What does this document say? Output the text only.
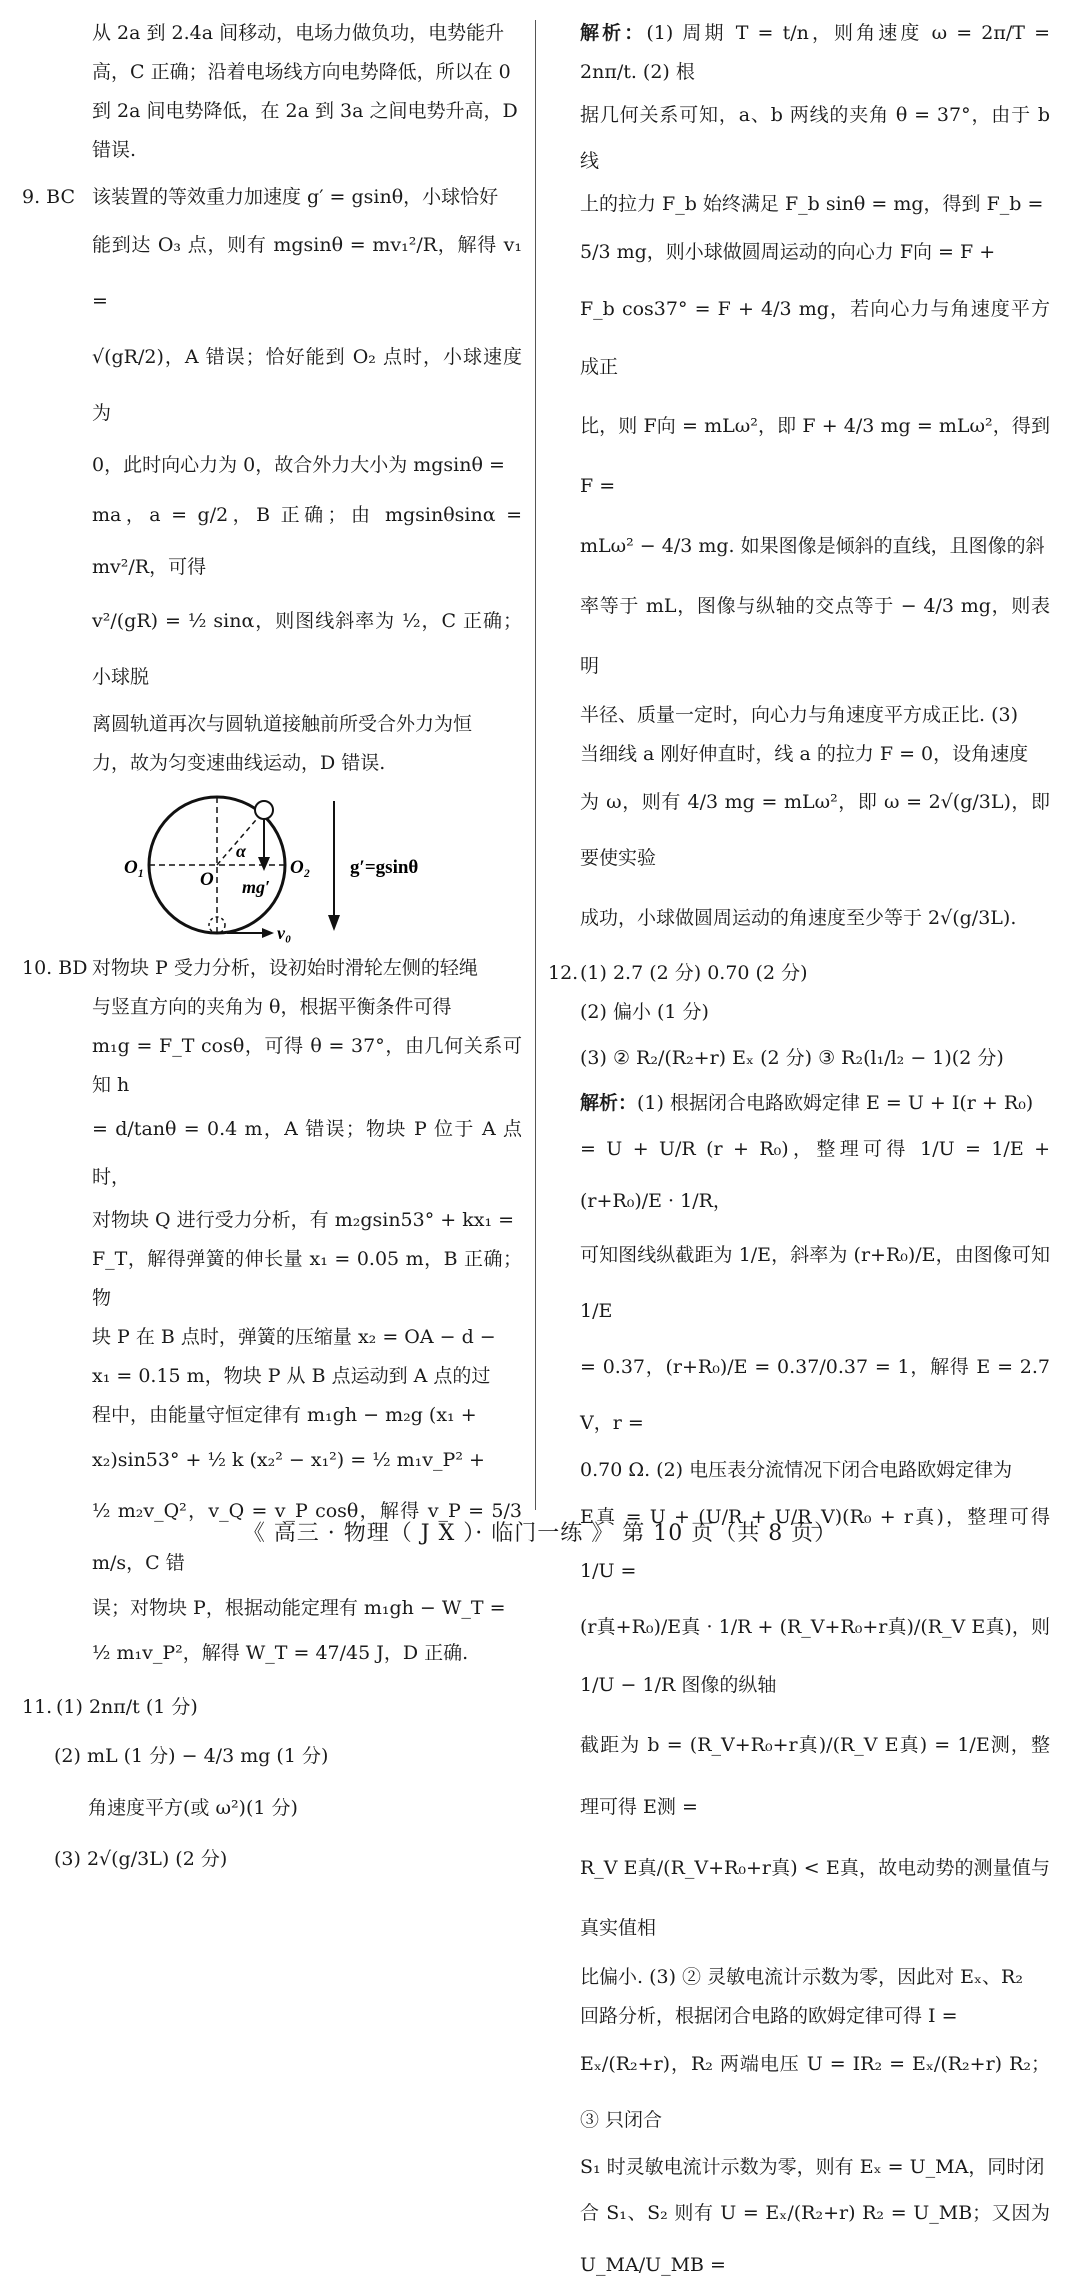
从 2a 到 2.4a 间移动，电场力做负功，电势能升

高，C 正确；沿着电场线方向电势降低，所以在 0

到 2a 间电势降低，在 2a 到 3a 之间电势升高，D

错误.

9. BC 该装置的等效重力加速度 g′ = gsinθ，小球恰好

能到达 O₃ 点，则有 mgsinθ = mv₁²/R，解得 v₁ =

√(gR/2)，A 错误；恰好能到 O₂ 点时，小球速度为

0，此时向心力为 0，故合外力大小为 mgsinθ =

ma，a = g/2，B 正确；由 mgsinθsinα = mv²/R，可得

v²/(gR) = ½ sinα，则图线斜率为 ½，C 正确；小球脱

离圆轨道再次与圆轨道接触前所受合外力为恒

力，故为匀变速曲线运动，D 错误.

O₁
O
O₂
α
mg′
v₀
g′=gsinθ

10. BD 对物块 P 受力分析，设初始时滑轮左侧的轻绳

与竖直方向的夹角为 θ，根据平衡条件可得

m₁g = F_T cosθ，可得 θ = 37°，由几何关系可知 h

= d/tanθ = 0.4 m，A 错误；物块 P 位于 A 点时，

对物块 Q 进行受力分析，有 m₂gsin53° + kx₁ =

F_T，解得弹簧的伸长量 x₁ = 0.05 m，B 正确；物

块 P 在 B 点时，弹簧的压缩量 x₂ = OA − d −

x₁ = 0.15 m，物块 P 从 B 点运动到 A 点的过

程中，由能量守恒定律有 m₁gh − m₂g (x₁ +

x₂)sin53° + ½ k (x₂² − x₁²) = ½ m₁v_P² +

½ m₂v_Q²，v_Q = v_P cosθ，解得 v_P = 5/3 m/s，C 错

误；对物块 P，根据动能定理有 m₁gh − W_T =

½ m₁v_P²，解得 W_T = 47/45 J，D 正确.

11. (1) 2nπ/t (1 分)

(2) mL (1 分) − 4/3 mg (1 分)

角速度平方(或 ω²)(1 分)

(3) 2√(g/3L) (2 分)

解析：(1) 周期 T = t/n，则角速度 ω = 2π/T = 2nπ/t. (2) 根

据几何关系可知，a、b 两线的夹角 θ = 37°，由于 b 线

上的拉力 F_b 始终满足 F_b sinθ = mg，得到 F_b =

5/3 mg，则小球做圆周运动的向心力 F向 = F +

F_b cos37° = F + 4/3 mg，若向心力与角速度平方成正

比，则 F向 = mLω²，即 F + 4/3 mg = mLω²，得到 F =

mLω² − 4/3 mg. 如果图像是倾斜的直线，且图像的斜

率等于 mL，图像与纵轴的交点等于 − 4/3 mg，则表明

半径、质量一定时，向心力与角速度平方成正比. (3)

当细线 a 刚好伸直时，线 a 的拉力 F = 0，设角速度

为 ω，则有 4/3 mg = mLω²，即 ω = 2√(g/3L)，即要使实验

成功，小球做圆周运动的角速度至少等于 2√(g/3L).

12.(1) 2.7 (2 分) 0.70 (2 分)

(2) 偏小 (1 分)

(3) ② R₂/(R₂+r) Eₓ (2 分) ③ R₂(l₁/l₂ − 1)(2 分)

解析：(1) 根据闭合电路欧姆定律 E = U + I(r + R₀)

= U + U/R (r + R₀)，整理可得 1/U = 1/E + (r+R₀)/E · 1/R，

可知图线纵截距为 1/E，斜率为 (r+R₀)/E，由图像可知 1/E

= 0.37，(r+R₀)/E = 0.37/0.37 = 1，解得 E = 2.7 V，r =

0.70 Ω. (2) 电压表分流情况下闭合电路欧姆定律为

E真 = U + (U/R + U/R_V)(R₀ + r真)，整理可得 1/U =

(r真+R₀)/E真 · 1/R + (R_V+R₀+r真)/(R_V E真)，则 1/U − 1/R 图像的纵轴

截距为 b = (R_V+R₀+r真)/(R_V E真) = 1/E测，整理可得 E测 =

R_V E真/(R_V+R₀+r真) < E真，故电动势的测量值与真实值相

比偏小. (3) ② 灵敏电流计示数为零，因此对 Eₓ、R₂

回路分析，根据闭合电路的欧姆定律可得 I =

Eₓ/(R₂+r)，R₂ 两端电压 U = IR₂ = Eₓ/(R₂+r) R₂；③ 只闭合

S₁ 时灵敏电流计示数为零，则有 Eₓ = U_MA，同时闭

合 S₁、S₂ 则有 U = Eₓ/(R₂+r) R₂ = U_MB；又因为 U_MA/U_MB =

《 高三 · 物理（ J X ）· 临门一练 》 第 10 页（共 8 页）
